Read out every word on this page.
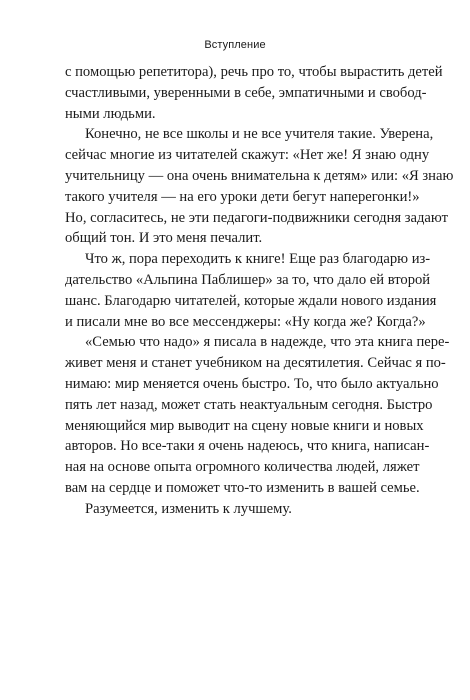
Вступление
с помощью репетитора), речь про то, чтобы вырастить детей
счастливыми, уверенными в себе, эмпатичными и свобод-
ными людьми.
Конечно, не все школы и не все учителя такие. Уверена,
сейчас многие из читателей скажут: «Нет же! Я знаю одну
учительницу — она очень внимательна к детям» или: «Я знаю
такого учителя — на его уроки дети бегут наперегонки!»
Но, согласитесь, не эти педагоги-подвижники сегодня задают
общий тон. И это меня печалит.
Что ж, пора переходить к книге! Еще раз благодарю из-
дательство «Альпина Паблишер» за то, что дало ей второй
шанс. Благодарю читателей, которые ждали нового издания
и писали мне во все мессенджеры: «Ну когда же? Когда?»
«Семью что надо» я писала в надежде, что эта книга пере-
живет меня и станет учебником на десятилетия. Сейчас я по-
нимаю: мир меняется очень быстро. То, что было актуально
пять лет назад, может стать неактуальным сегодня. Быстро
меняющийся мир выводит на сцену новые книги и новых
авторов. Но все-таки я очень надеюсь, что книга, написан-
ная на основе опыта огромного количества людей, ляжет
вам на сердце и поможет что-то изменить в вашей семье.
Разумеется, изменить к лучшему.
